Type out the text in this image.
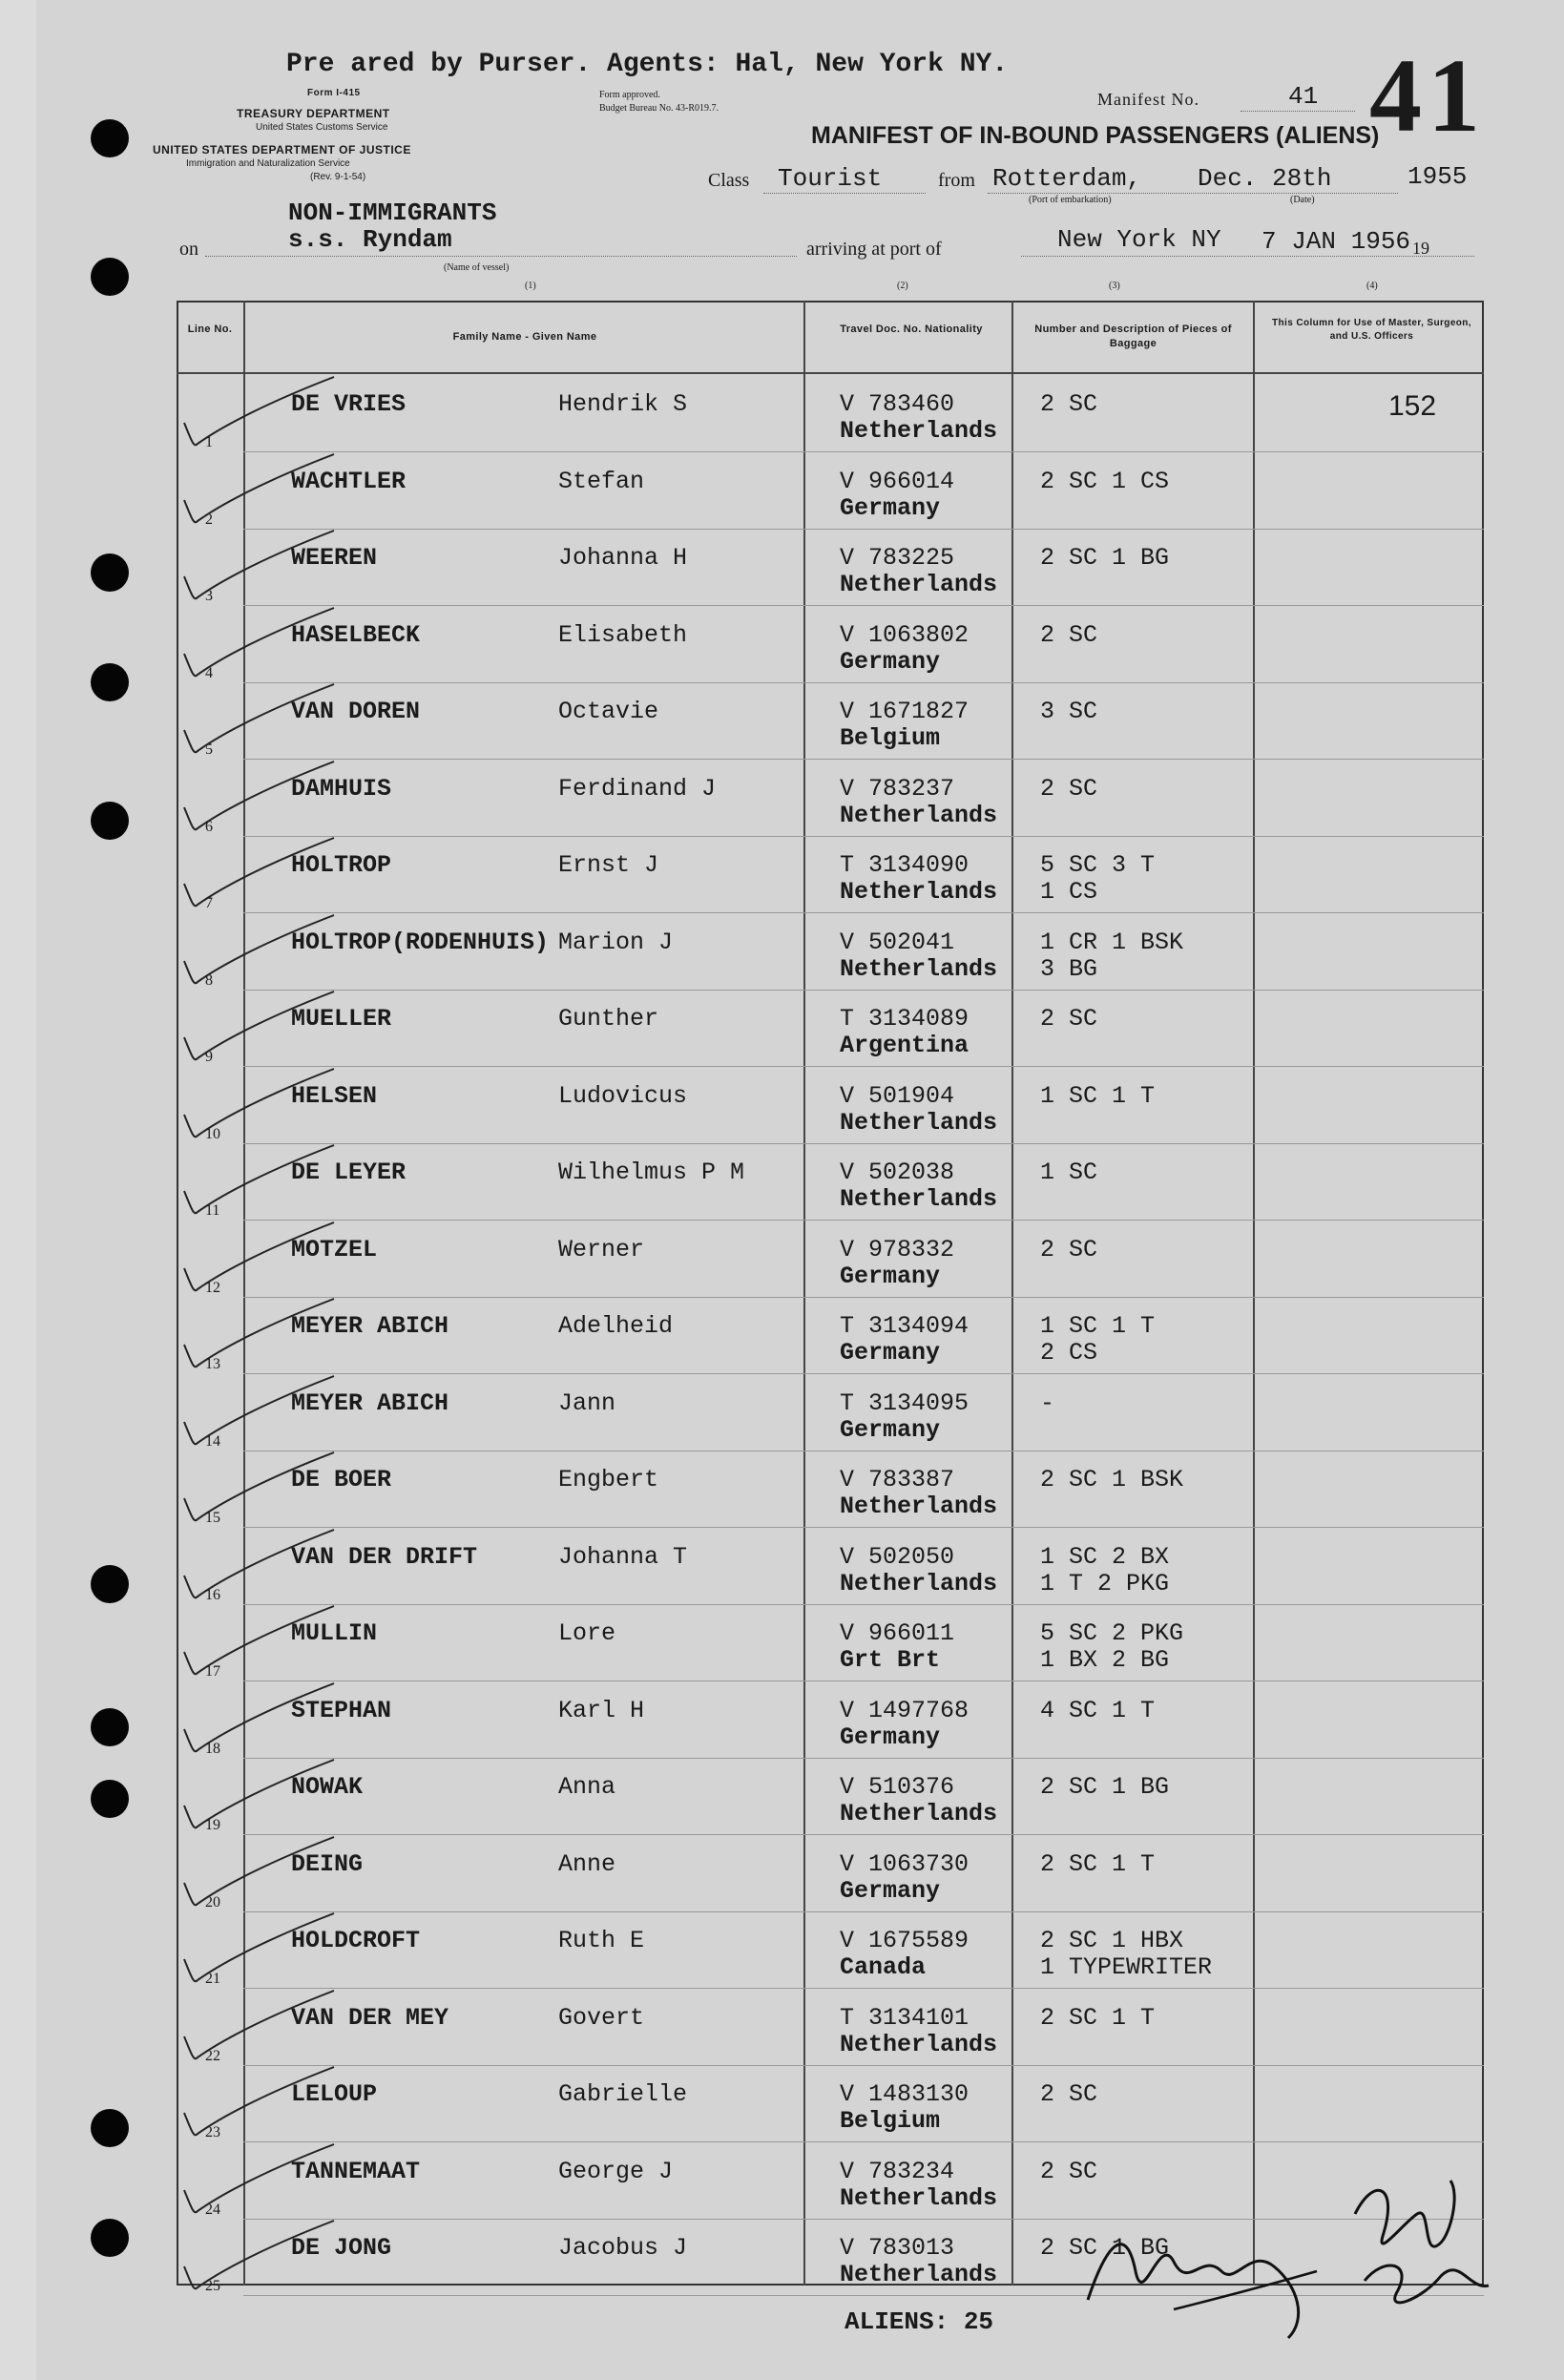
Pre ared by Purser. Agents: Hal, New York NY.
Form I-415
TREASURY DEPARTMENT
United States Customs Service
UNITED STATES DEPARTMENT OF JUSTICE
Immigration and Naturalization Service
(Rev. 9-1-54)
Form approved.
Budget Bureau No. 43-R019.7.	Manifest No.	41 41
MANIFEST OF IN-BOUND PASSENGERS (ALIENS)
Class Tourist	from Rotterdam, Dec. 28th	1955
(Port of embarkation)	(Date)
NON-IMMIGRANTS
on	s.s. Ryndam
(Name of vessel)
arriving at port of	New York NY 7 JAN 1956 19
(1)	(2)	(3)	(4)
Line No.
Family Name - Given Name
Travel Doc. No. Nationality	Number and Description of Pieces of Baggage
This Column for Use of Master, Surgeon, and U.S. Officers
1
DE VRIES	Hendrik S	V 783460
Netherlands
2 SC	152
2
WACHTLER	Stefan	V 966014
Germany
2 SC 1 CS
3
WEEREN	Johanna H	V 783225
Netherlands
2 SC 1 BG
4
HASELBECK	Elisabeth	V 1063802
Germany
2 SC
5
VAN DOREN	Octavie	V 1671827
Belgium
3 SC
6
DAMHUIS	Ferdinand J	V 783237
Netherlands
2 SC
7
HOLTROP	Ernst J	T 3134090
Netherlands
5 SC 3 T
1 CS
8
HOLTROP(RODENHUIS) Marion J	V 502041
Netherlands
1 CR 1 BSK
3 BG
9
MUELLER	Gunther	T 3134089
Argentina
2 SC
10
HELSEN	Ludovicus	V 501904
Netherlands
1 SC 1 T
11
DE LEYER	Wilhelmus P M	V 502038
Netherlands
1 SC
12
MOTZEL	Werner	V 978332
Germany
2 SC
13
MEYER ABICH	Adelheid	T 3134094
Germany
1 SC 1 T
2 CS
14
MEYER ABICH	Jann	T 3134095
Germany
-
15
DE BOER	Engbert	V 783387
Netherlands
2 SC 1 BSK
16
VAN DER DRIFT	Johanna T	V 502050
Netherlands
1 SC 2 BX
1 T 2 PKG
17
MULLIN	Lore	V 966011
Grt Brt
5 SC 2 PKG
1 BX 2 BG
18
STEPHAN	Karl H	V 1497768
Germany
4 SC 1 T
19
NOWAK	Anna	V 510376
Netherlands
2 SC 1 BG
20
DEING	Anne	V 1063730
Germany
2 SC 1 T
21
HOLDCROFT	Ruth E	V 1675589
Canada
2 SC 1 HBX
1 TYPEWRITER
22
VAN DER MEY	Govert	T 3134101
Netherlands
2 SC 1 T
23
LELOUP	Gabrielle	V 1483130
Belgium
2 SC
24
TANNEMAAT	George J	V 783234
Netherlands
2 SC
25
DE JONG	Jacobus J	V 783013
Netherlands
2 SC 1 BG
ALIENS: 25
